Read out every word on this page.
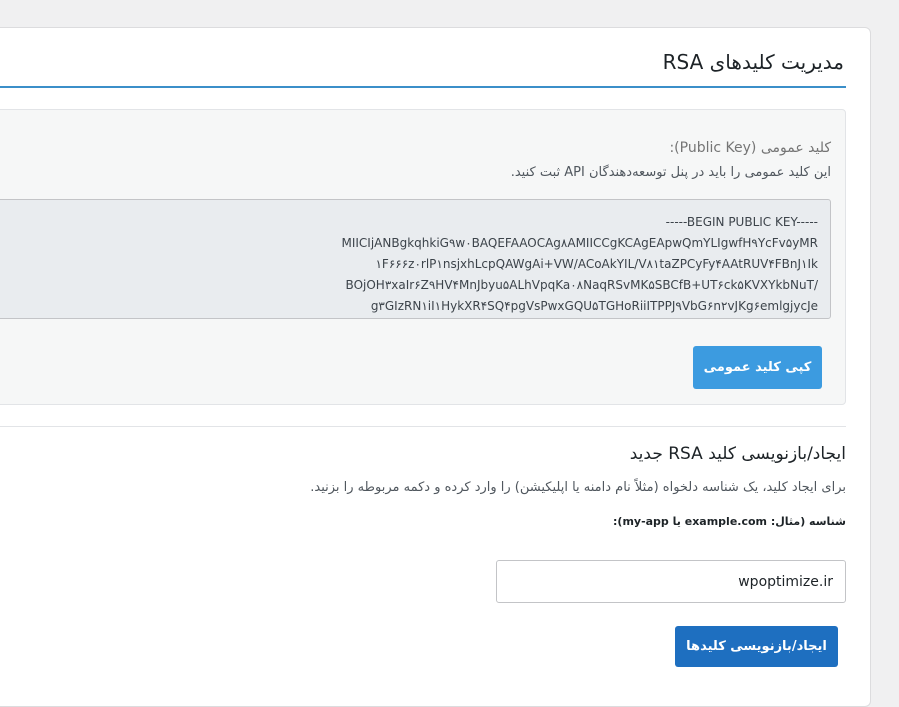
مدیریت کلیدهای RSA
کلید عمومی (Public Key):
این کلید عمومی را باید در پنل توسعه‌دهندگان API ثبت کنید.
-----BEGIN PUBLIC KEY-----
MIICIjANBgkqhkiG۹w۰BAQEFAAOCAg۸AMIICCgKCAgEApwQmYLIgwfH۹YcFv۵yMR
۱F۶۶۶z۰rlP۱nsjxhLcpQAWgAi+VW/ACoAkYIL/V۸۱taZPCyFy۴AAtRUV۴FBnJ۱Ik
BOjOH۳xaIr۶Z۹HV۴MnJbyu۵ALhVpqKa۰۸NaqRSvMK۵SBCfB+UT۶ck۵KVXYkbNuT/
g۳GIzRN۱iI۱HykXR۴SQ۴pgVsPwxGQU۵TGHoRiiITPPJ۹VbG۶n۲vJKg۶emlgjycJe
کپی کلید عمومی
ایجاد/بازنویسی کلید RSA جدید
برای ایجاد کلید، یک شناسه دلخواه (مثلاً نام دامنه یا اپلیکیشن) را وارد کرده و دکمه مربوطه را بزنید.
شناسه (مثال: example.com یا my-app):
wpoptimize.ir
ایجاد/بازنویسی کلیدها
